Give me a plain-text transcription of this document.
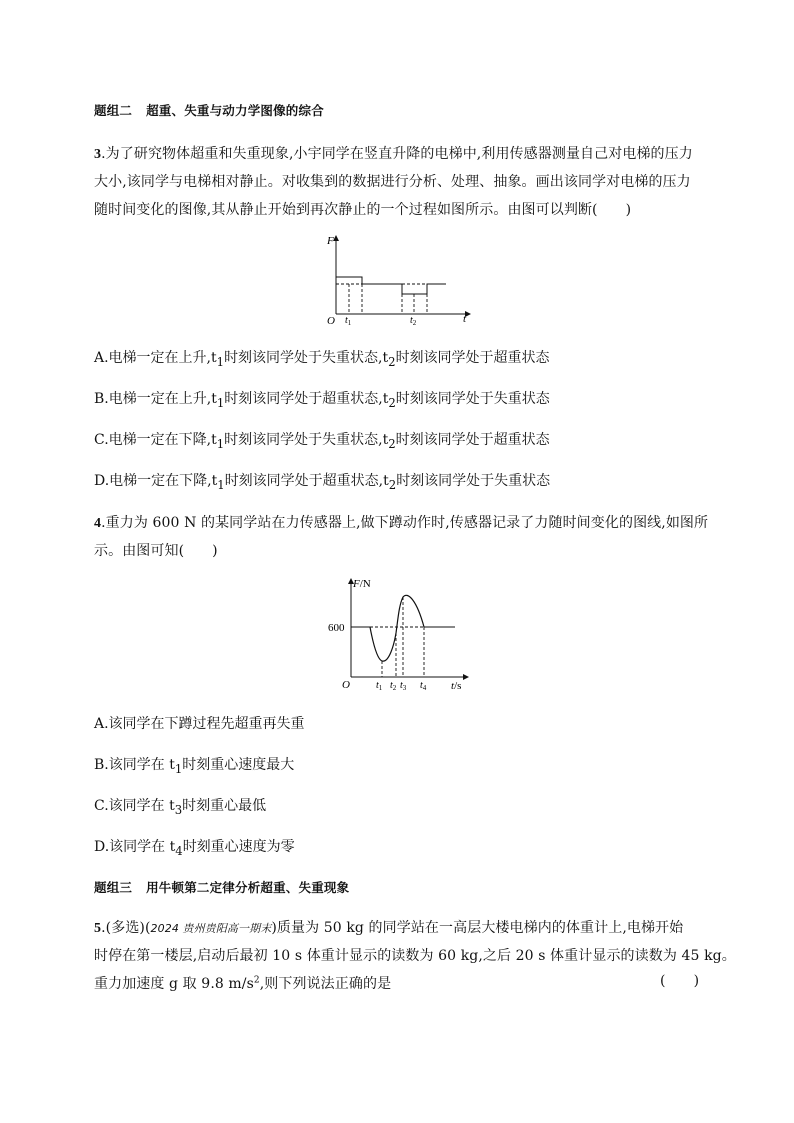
题组二 超重、失重与动力学图像的综合
3.为了研究物体超重和失重现象,小宇同学在竖直升降的电梯中,利用传感器测量自己对电梯的压力
大小,该同学与电梯相对静止。对收集到的数据进行分析、处理、抽象。画出该同学对电梯的压力
随时间变化的图像,其从静止开始到再次静止的一个过程如图所示。由图可以判断( )
F
t
O $t_1$	$t_2$
A.电梯一定在上升$,t_1$时刻该同学处于失重状态$,t_2$时刻该同学处于超重状态
B.电梯一定在上升$,t_1$时刻该同学处于超重状态$,t_2$时刻该同学处于失重状态
C.电梯一定在下降$,t_1$时刻该同学处于失重状态$,t_2$时刻该同学处于超重状态
D.电梯一定在下降$,t_1$时刻该同学处于超重状态$,t_2$时刻该同学处于失重状态
4.重力为 600 N 的某同学站在力传感器上,做下蹲动作时,传感器记录了力随时间变化的图线,如图所
示。由图可知( )
F/N
600
O	t/s
$t_1$ $t_2$ $t_3$ $t_4$
A.该同学在下蹲过程先超重再失重
B.该同学在 $t_1$时刻重心速度最大
C.该同学在 $t_3$时刻重心最低
D.该同学在 $t_4$时刻重心速度为零
题组三 用牛顿第二定律分析超重、失重现象
5.(多选)(2024 贵州贵阳高一期末)质量为 50 kg 的同学站在一高层大楼电梯内的体重计上,电梯开始
时停在第一楼层,启动后最初 10 s 体重计显示的读数为 60 kg,之后 20 s 体重计显示的读数为 45 kg。
重力加速度 g 取 9.8 $m/s^2$,则下列说法正确的是	( )
